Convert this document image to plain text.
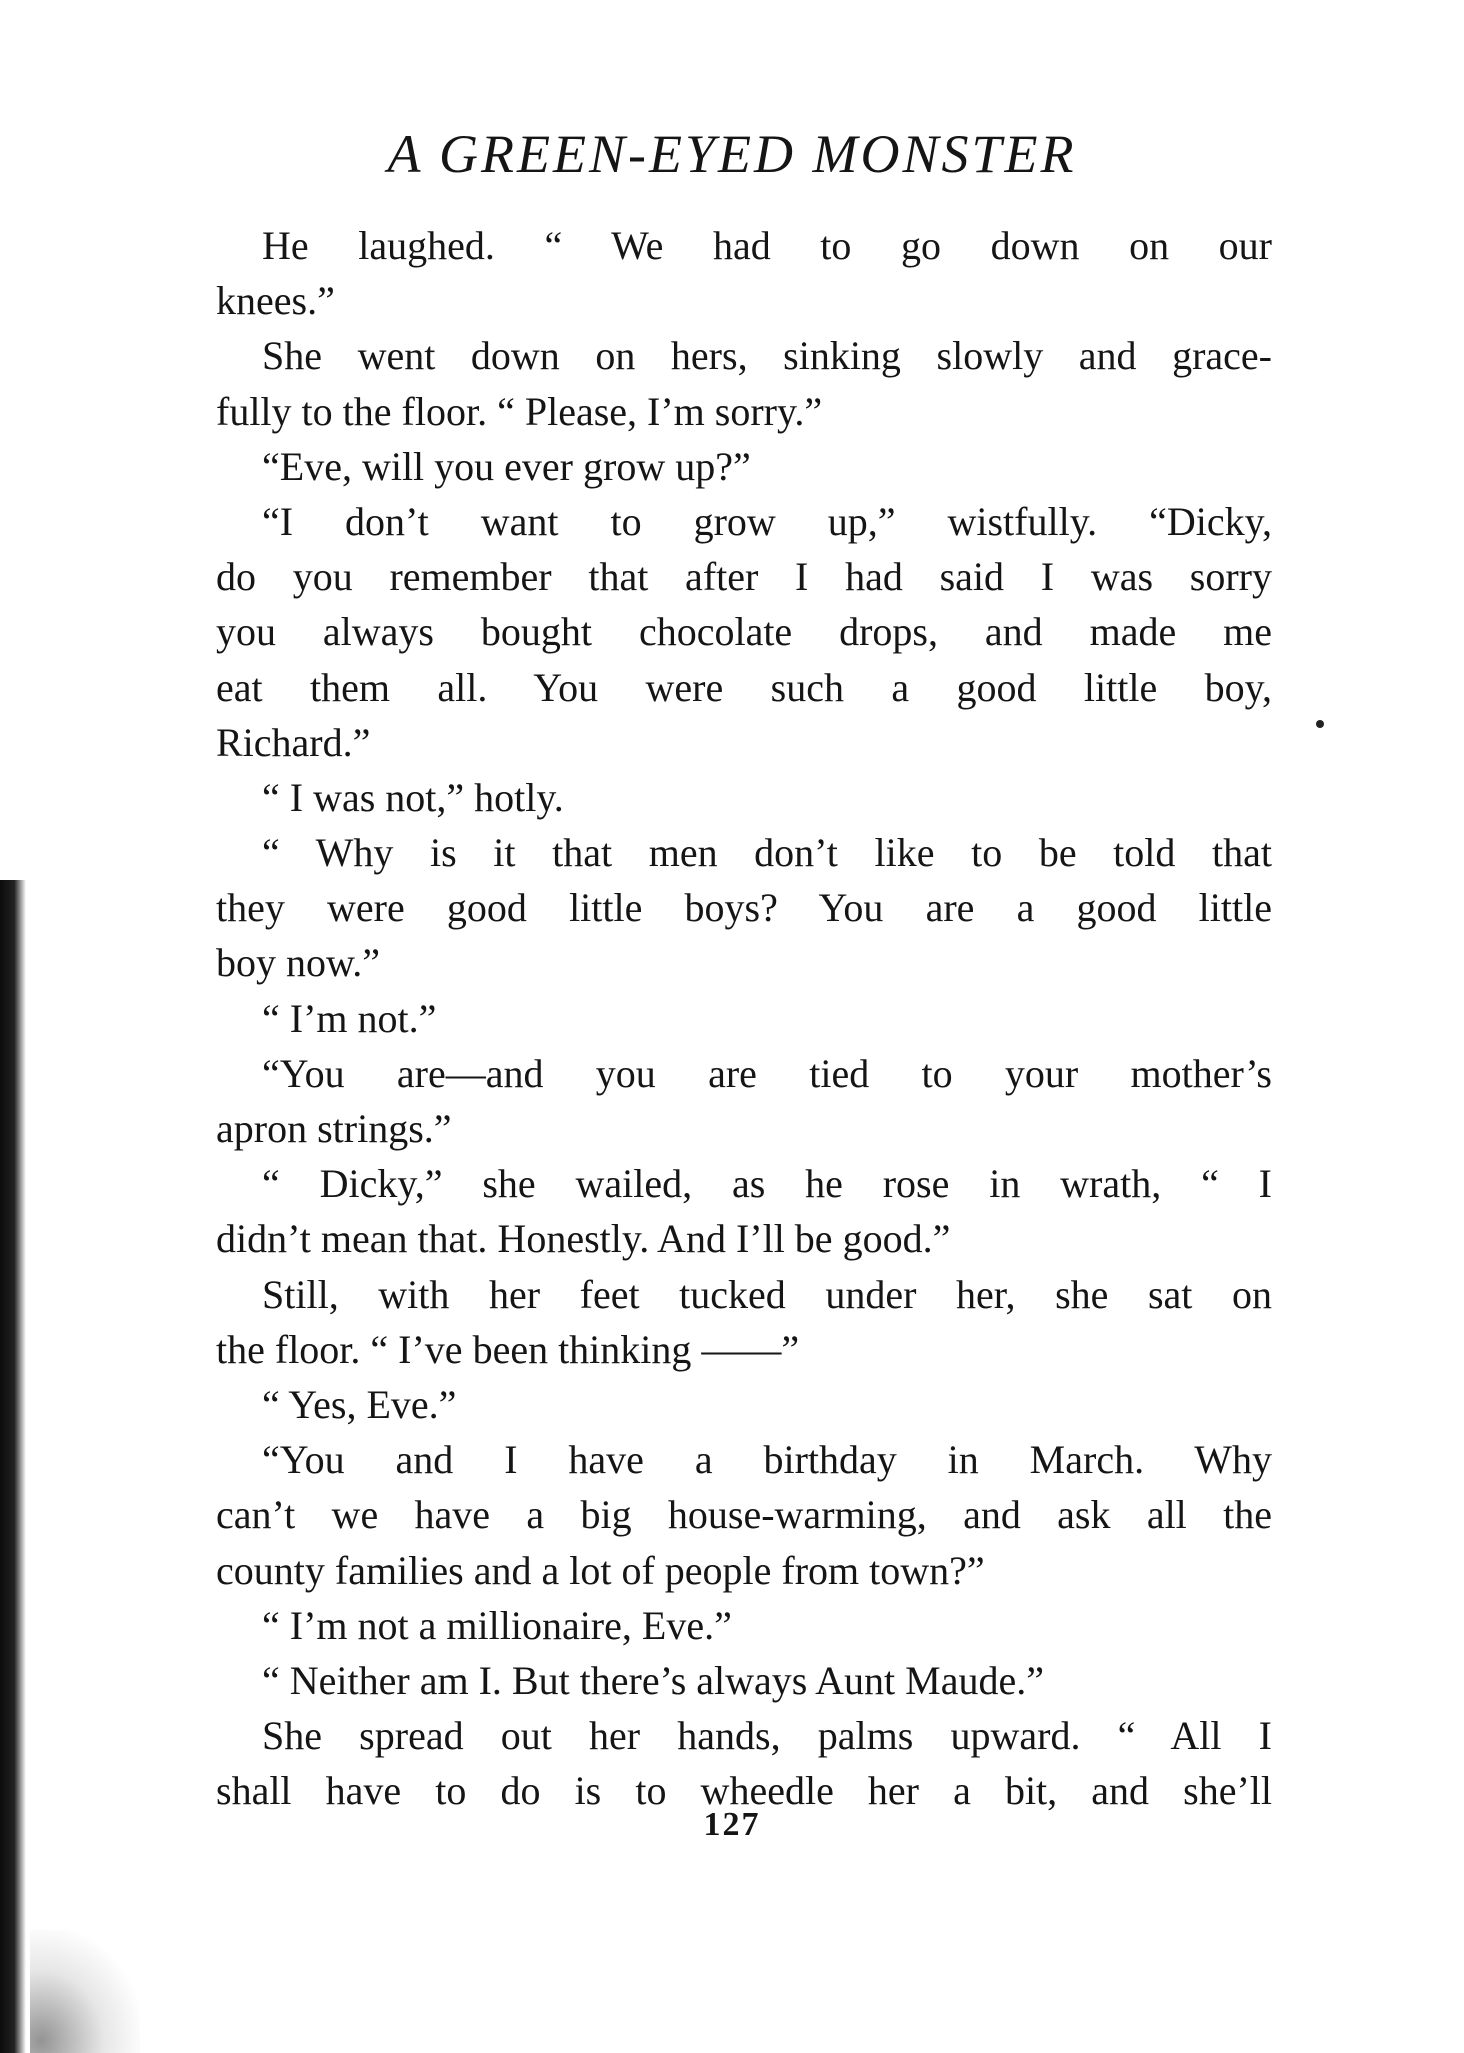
A GREEN-EYED MONSTER
He laughed. “ We had to go down on our
knees.”
She went down on hers, sinking slowly and grace-
fully to the floor. “ Please, I’m sorry.”
“Eve, will you ever grow up?”
“I don’t want to grow up,” wistfully. “Dicky,
do you remember that after I had said I was sorry
you always bought chocolate drops, and made me
eat them all. You were such a good little boy,
Richard.”
“ I was not,” hotly.
“ Why is it that men don’t like to be told that
they were good little boys? You are a good little
boy now.”
“ I’m not.”
“You are—and you are tied to your mother’s
apron strings.”
“ Dicky,” she wailed, as he rose in wrath, “ I
didn’t mean that. Honestly. And I’ll be good.”
Still, with her feet tucked under her, she sat on
the floor. “ I’ve been thinking ——”
“ Yes, Eve.”
“You and I have a birthday in March. Why
can’t we have a big house-warming, and ask all the
county families and a lot of people from town?”
“ I’m not a millionaire, Eve.”
“ Neither am I. But there’s always Aunt Maude.”
She spread out her hands, palms upward. “ All I
shall have to do is to wheedle her a bit, and she’ll
127
